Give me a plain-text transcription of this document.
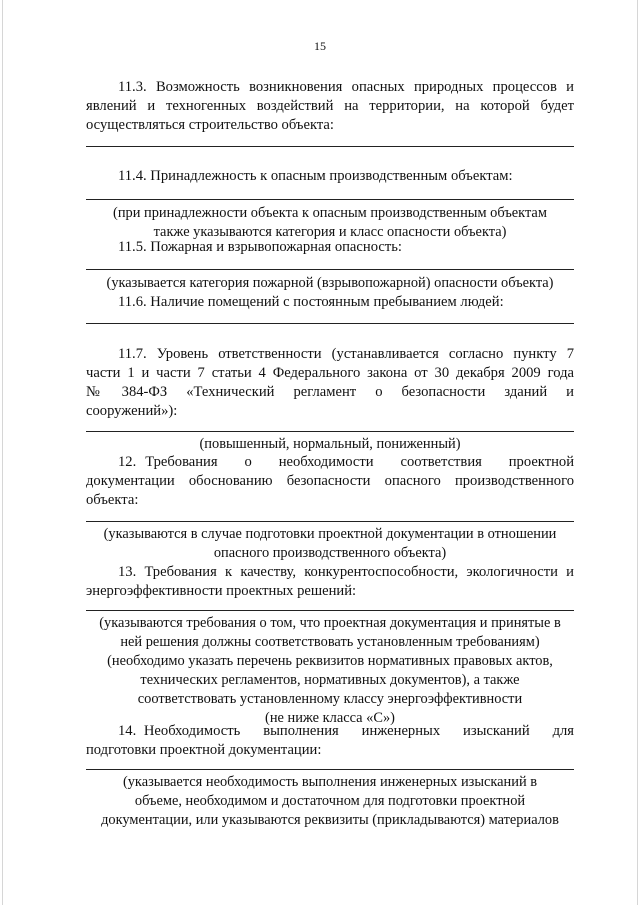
15
11.3. Возможность возникновения опасных природных процессов и
явлений и техногенных воздействий на территории, на которой будет
осуществляться строительство объекта:
11.4. Принадлежность к опасным производственным объектам:
(при принадлежности объекта к опасным производственным объектам
также указываются категория и класс опасности объекта)
11.5. Пожарная и взрывопожарная опасность:
(указывается категория пожарной (взрывопожарной) опасности объекта)
11.6. Наличие помещений с постоянным пребыванием людей:
11.7. Уровень ответственности (устанавливается согласно пункту 7
части 1 и части 7 статьи 4 Федерального закона от 30 декабря 2009 года
№   384-ФЗ   «Технический   регламент   о   безопасности   зданий   и
сооружений»):
(повышенный, нормальный, пониженный)
12. Требования   о   необходимости   соответствия   проектной
документации обоснованию безопасности опасного производственного
объекта:
(указываются в случае подготовки проектной документации в отношении
опасного производственного объекта)
13. Требования к качеству, конкурентоспособности, экологичности и
энергоэффективности проектных решений:
(указываются требования о том, что проектная документация и принятые в
ней решения должны соответствовать установленным требованиям)
(необходимо указать перечень реквизитов нормативных правовых актов,
технических регламентов, нормативных документов), а также
соответствовать установленному классу энергоэффективности
(не ниже класса «С»)
14. Необходимость   выполнения   инженерных   изысканий   для
подготовки проектной документации:
(указывается необходимость выполнения инженерных изысканий в
объеме, необходимом и достаточном для подготовки проектной
документации, или указываются реквизиты (прикладываются) материалов
